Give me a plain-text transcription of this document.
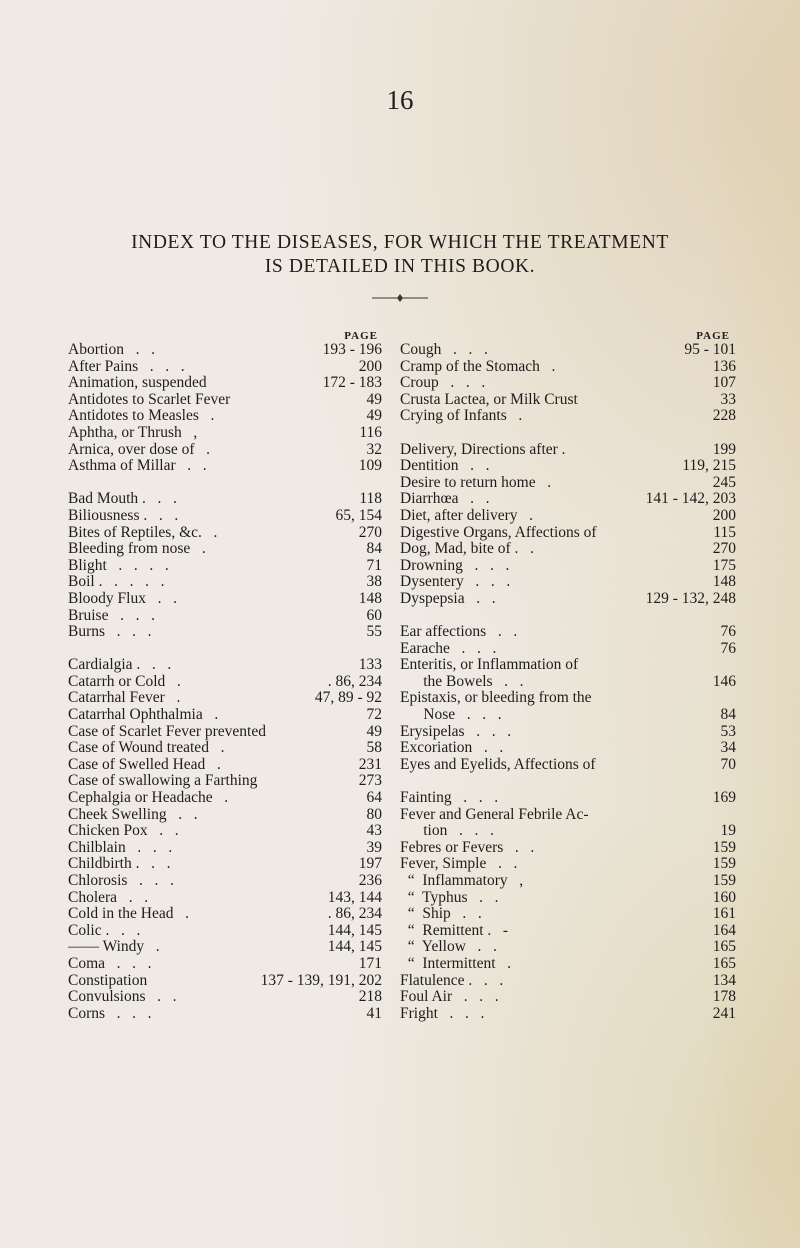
16
INDEX TO THE DISEASES, FOR WHICH THE TREATMENT
IS DETAILED IN THIS BOOK.
PAGE
Abortion   .   .	193 - 196
After Pains   .   .   .	200
Animation, suspended	172 - 183
Antidotes to Scarlet Fever	49
Antidotes to Measles   .	49
Aphtha, or Thrush   ,	116
Arnica, over dose of   .	32
Asthma of Millar   .   .	109
Bad Mouth .   .   .	118
Biliousness .   .   .	65, 154
Bites of Reptiles, &c.   .	270
Bleeding from nose   .	84
Blight   .   .   .   .	71
Boil .   .   .   .   .	38
Bloody Flux   .   .	148
Bruise   .   .   .	60
Burns   .   .   .	55
Cardialgia .   .   .	133
Catarrh or Cold   .	. 86, 234
Catarrhal Fever   .	47, 89 - 92
Catarrhal Ophthalmia   .	72
Case of Scarlet Fever prevented	49
Case of Wound treated   .	58
Case of Swelled Head   .	231
Case of swallowing a Farthing	273
Cephalgia or Headache   .	64
Cheek Swelling   .   .	80
Chicken Pox   .   .	43
Chilblain   .   .   .	39
Childbirth .   .   .	197
Chlorosis   .   .   .	236
Cholera   .   .	143, 144
Cold in the Head   .	. 86, 234
Colic .   .   .	144, 145
—— Windy   .	144, 145
Coma   .   .   .	171
Constipation	137 - 139, 191, 202
Convulsions   .   .	218
Corns   .   .   .	41
PAGE
Cough   .   .   .	95 - 101
Cramp of the Stomach   .	136
Croup   .   .   .	107
Crusta Lactea, or Milk Crust	33
Crying of Infants   .	228
Delivery, Directions after .	199
Dentition   .   .	119, 215
Desire to return home   .	245
Diarrhœa   .   .	141 - 142, 203
Diet, after delivery   .	200
Digestive Organs, Affections of	115
Dog, Mad, bite of .   .	270
Drowning   .   .   .	175
Dysentery   .   .   .	148
Dyspepsia   .   .	129 - 132, 248
Ear affections   .   .	76
Earache   .   .   .	76
Enteritis, or Inflammation of
the Bowels   .   .	146
Epistaxis, or bleeding from the
Nose   .   .   .	84
Erysipelas   .   .   .	53
Excoriation   .   .	34
Eyes and Eyelids, Affections of	70
Fainting   .   .   .	169
Fever and General Febrile Ac-
tion   .   .   .	19
Febres or Fevers   .   .	159
Fever, Simple   .   .	159
“  Inflammatory   ,	159
“  Typhus   .   .	160
“  Ship   .   .	161
“  Remittent .   -	164
“  Yellow   .   .	165
“  Intermittent   .	165
Flatulence .   .   .	134
Foul Air   .   .   .	178
Fright   .   .   .	241
